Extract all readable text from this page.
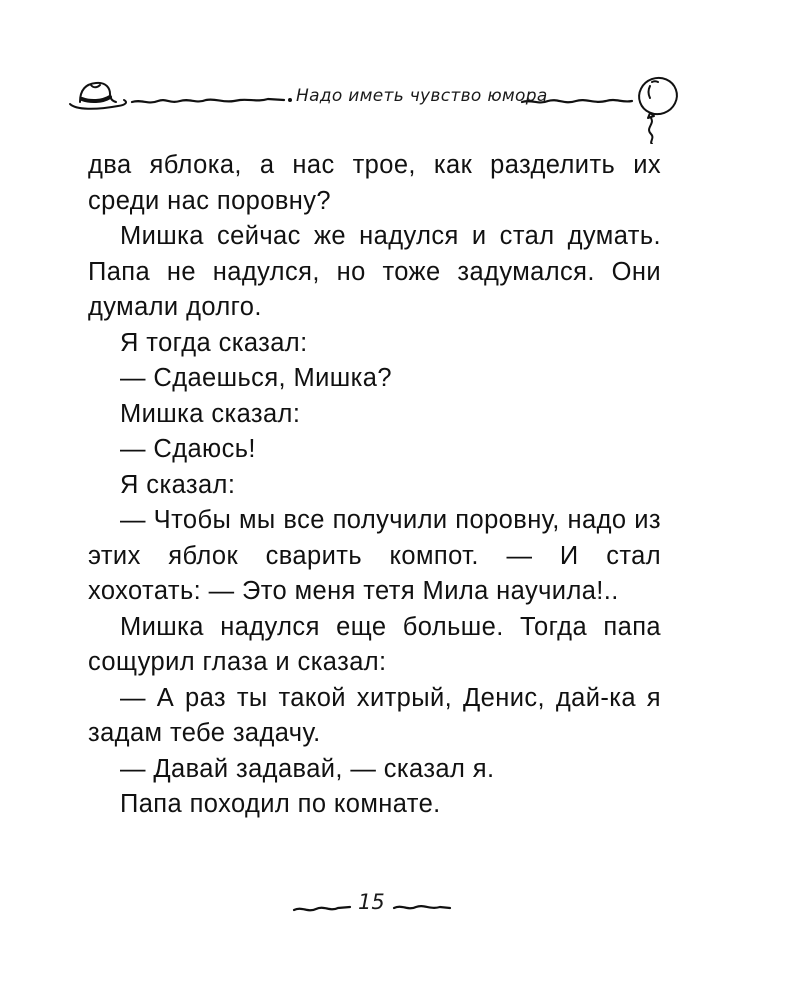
Надо иметь чувство юмора

два яблока, а нас трое, как разделить их среди нас поровну?

Мишка сейчас же надулся и стал думать. Папа не надулся, но тоже задумался. Они думали долго.

Я тогда сказал:

— Сдаешься, Мишка?

Мишка сказал:

— Сдаюсь!

Я сказал:

— Чтобы мы все получили поровну, надо из этих яблок сварить компот. — И стал хохотать: — Это меня тетя Мила научила!..

Мишка надулся еще больше. Тогда папа сощурил глаза и сказал:

— А раз ты такой хитрый, Денис, дай-ка я задам тебе задачу.

— Давай задавай, — сказал я.

Папа походил по комнате.

15
